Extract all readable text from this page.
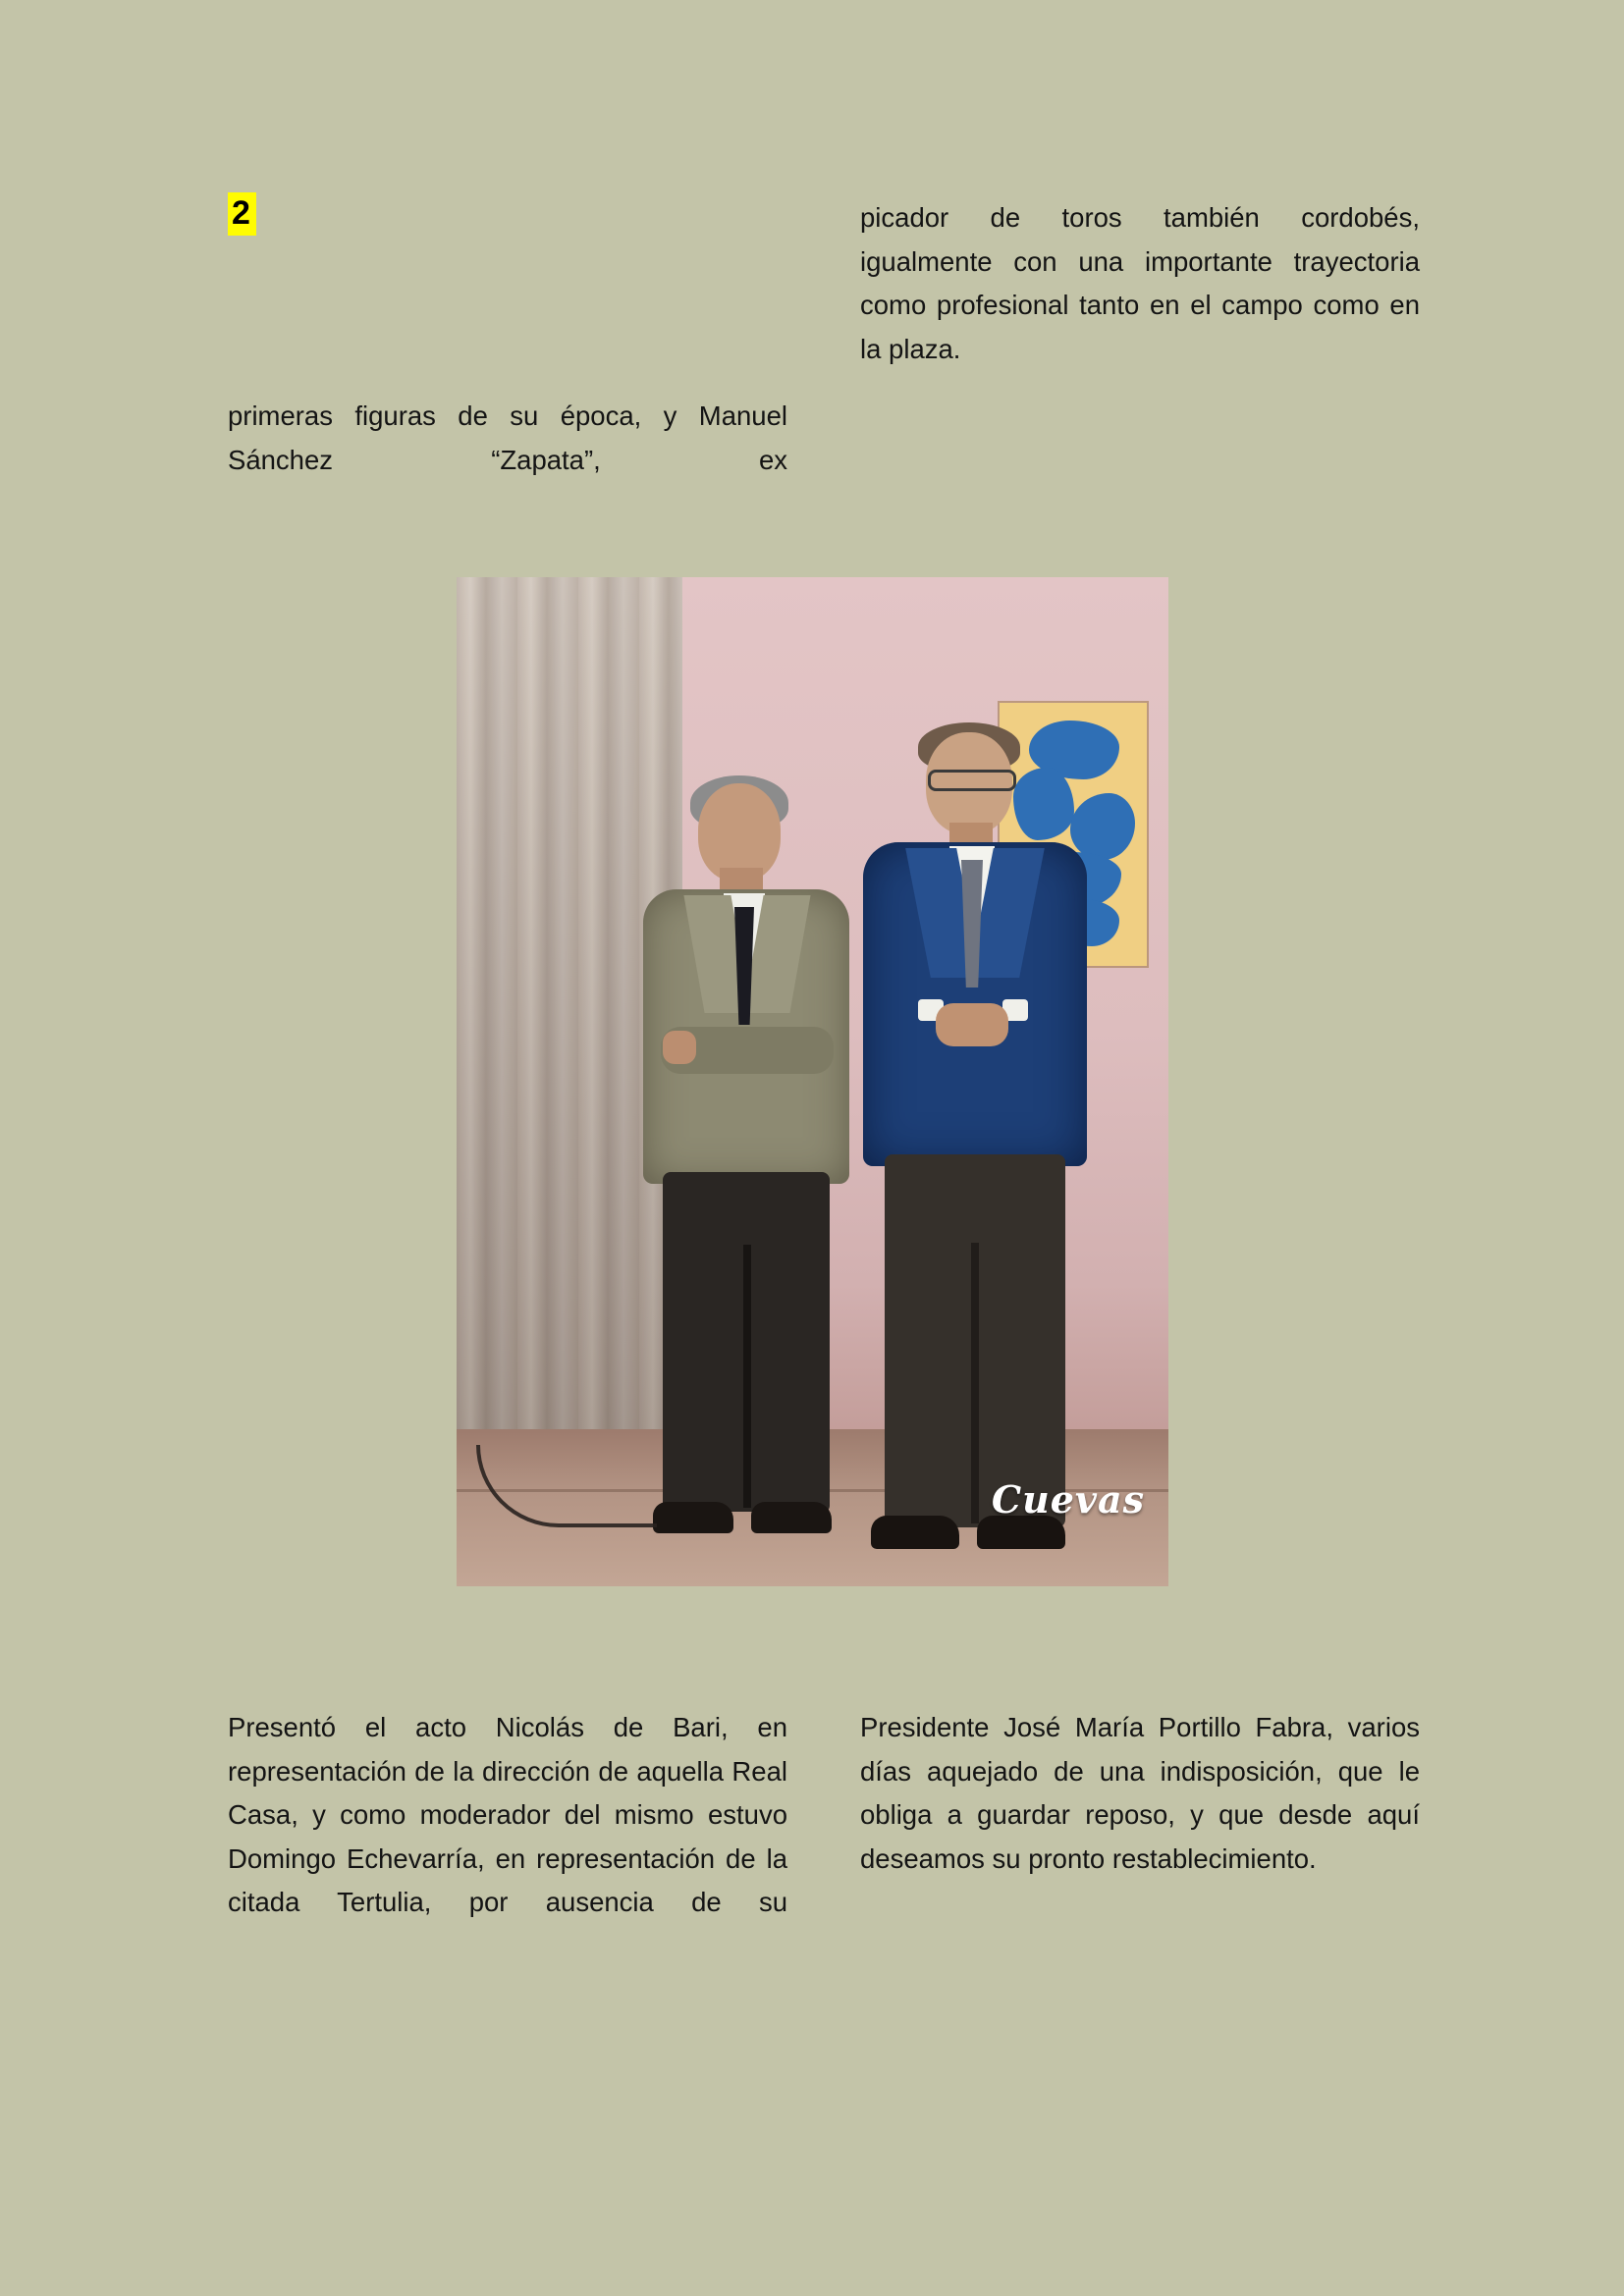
2

primeras figuras de su época, y Manuel Sánchez “Zapata”, ex

picador de toros también cordobés, igualmente con una importante trayectoria como profesional tanto en el campo como en la plaza.

Cuevas

Presentó el acto Nicolás de Bari, en representación de la dirección de aquella Real Casa, y como moderador del mismo estuvo Domingo Echevarría, en representación de la citada Tertulia, por ausencia de su

Presidente José María Portillo Fabra, varios días aquejado de una indisposición, que le obliga a guardar reposo, y que desde aquí deseamos su pronto restablecimiento.
